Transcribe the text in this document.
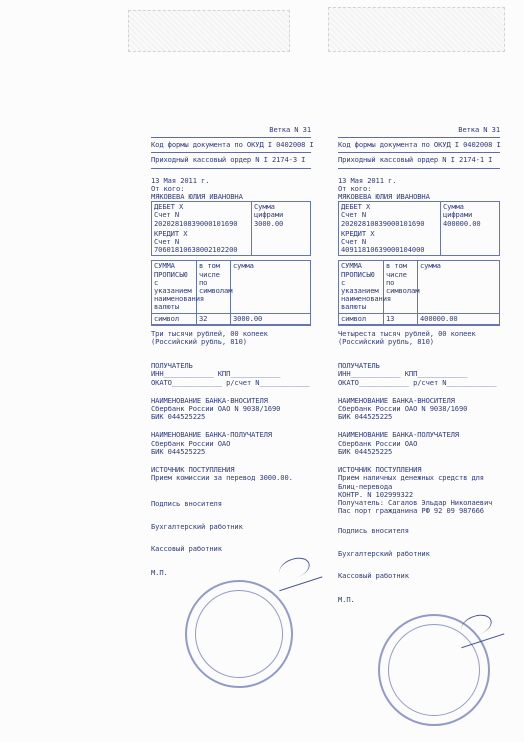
Ветка N 31
Код формы документа по ОКУД I 0402008 I
Приходный кассовый ордер N I 2174-3 I
13 Мая 2011 г.
От кого:
МЯКОВЕВА ЮЛИЯ ИВАНОВНА
ДЕБЕТ Х
Счет N
20202810839000101690
Сумма цифрами
3000.00
КРЕДИТ Х
Счет N
70601810638002102200
СУММА ПРОПИСЬЮ с указанием наименования валюты
в том числе по символам
сумма
символ	32	3000.00
Три тысячи рублей, 00 копеек (Российский рубль, 810)
ПОЛУЧАТЕЛЬ
ИНН____________ КПП____________
ОКАТО____________ р/счет N____________
НАИМЕНОВАНИЕ БАНКА-ВНОСИТЕЛЯ
Сбербанк России ОАО N 9038/1690
БИК 044525225
НАИМЕНОВАНИЕ БАНКА-ПОЛУЧАТЕЛЯ
Сбербанк России ОАО
БИК 044525225
ИСТОЧНИК ПОСТУПЛЕНИЯ
Прием комиссии за перевод 3000.00.
Подпись вносителя
Бухгалтерский работник
Кассовый работник
М.П.
Ветка N 31
Код формы документа по ОКУД I 0402008 I
Приходный кассовый ордер N I 2174-1 I
13 Мая 2011 г.
От кого:
МЯКОВЕВА ЮЛИЯ ИВАНОВНА
ДЕБЕТ Х
Счет N
20202810839000101690
Сумма цифрами
400000.00
КРЕДИТ Х
Счет N
40911810639000104000
СУММА ПРОПИСЬЮ с указанием наименования валюты
в том числе по символам
сумма
символ	13	400000.00
Четыреста тысяч рублей, 00 копеек (Российский рубль, 810)
ПОЛУЧАТЕЛЬ
ИНН____________ КПП____________
ОКАТО____________ р/счет N____________
НАИМЕНОВАНИЕ БАНКА-ВНОСИТЕЛЯ
Сбербанк России ОАО N 9038/1690
БИК 044525225
НАИМЕНОВАНИЕ БАНКА-ПОЛУЧАТЕЛЯ
Сбербанк России ОАО
БИК 044525225
ИСТОЧНИК ПОСТУПЛЕНИЯ
Прием наличных денежных средств для Блиц-перевода
КОНТР. N 102999322
Получатель: Сагалов Эльдар Николаевич Пас порт гражданина РФ 92 09 987666
Подпись вносителя
Бухгалтерский работник
Кассовый работник
М.П.
